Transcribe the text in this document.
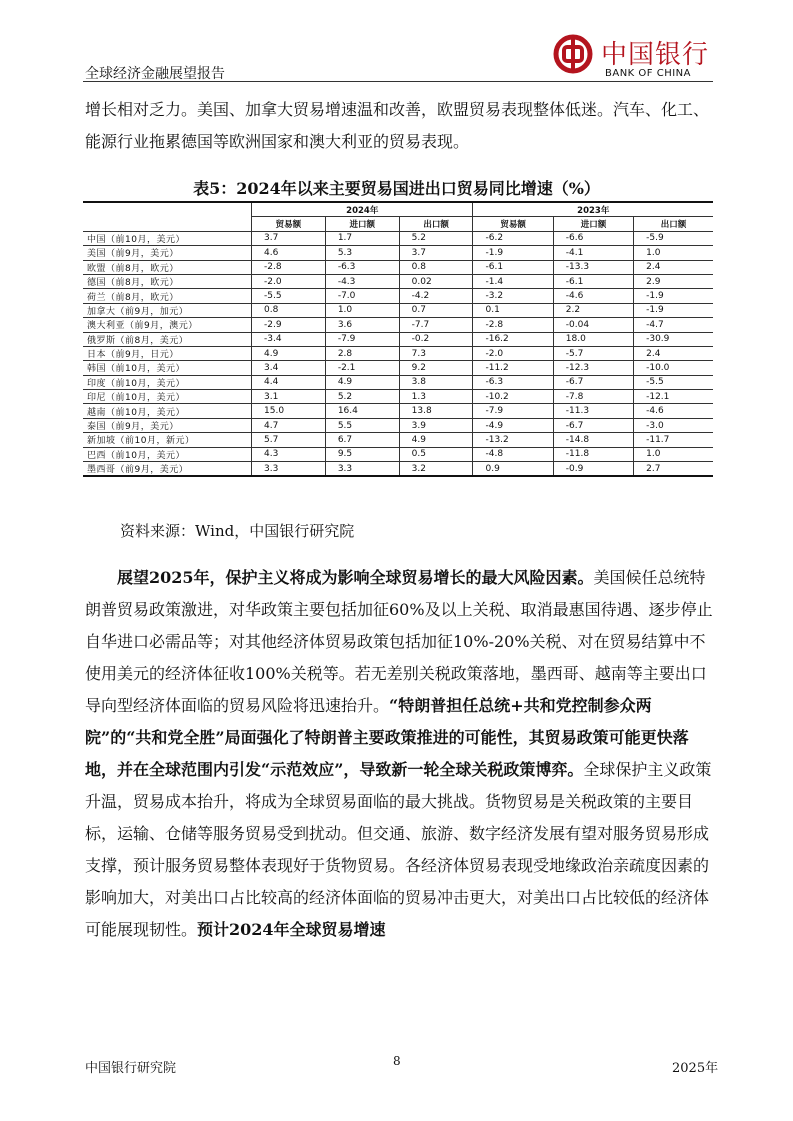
全球经济金融展望报告
中国银行
BANK OF CHINA

增长相对乏力。美国、加拿大贸易增速温和改善，欧盟贸易表现整体低迷。汽车、化工、能源行业拖累德国等欧洲国家和澳大利亚的贸易表现。

表5：2024年以来主要贸易国进出口贸易同比增速（%）
	2024年			2023年		
	贸易额	进口额	出口额	贸易额	进口额	出口额
中国（前10月，美元）	3.7	1.7	5.2	-6.2	-6.6	-5.9
美国（前9月，美元）	4.6	5.3	3.7	-1.9	-4.1	1.0
欧盟（前8月，欧元）	-2.8	-6.3	0.8	-6.1	-13.3	2.4
德国（前8月，欧元）	-2.0	-4.3	0.02	-1.4	-6.1	2.9
荷兰（前8月，欧元）	-5.5	-7.0	-4.2	-3.2	-4.6	-1.9
加拿大（前9月，加元）	0.8	1.0	0.7	0.1	2.2	-1.9
澳大利亚（前9月，澳元）	-2.9	3.6	-7.7	-2.8	-0.04	-4.7
俄罗斯（前8月，美元）	-3.4	-7.9	-0.2	-16.2	18.0	-30.9
日本（前9月，日元）	4.9	2.8	7.3	-2.0	-5.7	2.4
韩国（前10月，美元）	3.4	-2.1	9.2	-11.2	-12.3	-10.0
印度（前10月，美元）	4.4	4.9	3.8	-6.3	-6.7	-5.5
印尼（前10月，美元）	3.1	5.2	1.3	-10.2	-7.8	-12.1
越南（前10月，美元）	15.0	16.4	13.8	-7.9	-11.3	-4.6
泰国（前9月，美元）	4.7	5.5	3.9	-4.9	-6.7	-3.0
新加坡（前10月，新元）	5.7	6.7	4.9	-13.2	-14.8	-11.7
巴西（前10月，美元）	4.3	9.5	0.5	-4.8	-11.8	1.0
墨西哥（前9月，美元）	3.3	3.3	3.2	0.9	-0.9	2.7
资料来源：Wind，中国银行研究院

展望2025年，保护主义将成为影响全球贸易增长的最大风险因素。美国候任总统特朗普贸易政策激进，对华政策主要包括加征60%及以上关税、取消最惠国待遇、逐步停止自华进口必需品等；对其他经济体贸易政策包括加征10%-20%关税、对在贸易结算中不使用美元的经济体征收100%关税等。若无差别关税政策落地，墨西哥、越南等主要出口导向型经济体面临的贸易风险将迅速抬升。“特朗普担任总统+共和党控制参众两院”的“共和党全胜”局面强化了特朗普主要政策推进的可能性，其贸易政策可能更快落地，并在全球范围内引发“示范效应”，导致新一轮全球关税政策博弈。全球保护主义政策升温，贸易成本抬升，将成为全球贸易面临的最大挑战。货物贸易是关税政策的主要目标，运输、仓储等服务贸易受到扰动。但交通、旅游、数字经济发展有望对服务贸易形成支撑，预计服务贸易整体表现好于货物贸易。各经济体贸易表现受地缘政治亲疏度因素的影响加大，对美出口占比较高的经济体面临的贸易冲击更大，对美出口占比较低的经济体可能展现韧性。预计2024年全球贸易增速

中国银行研究院	8	2025年
